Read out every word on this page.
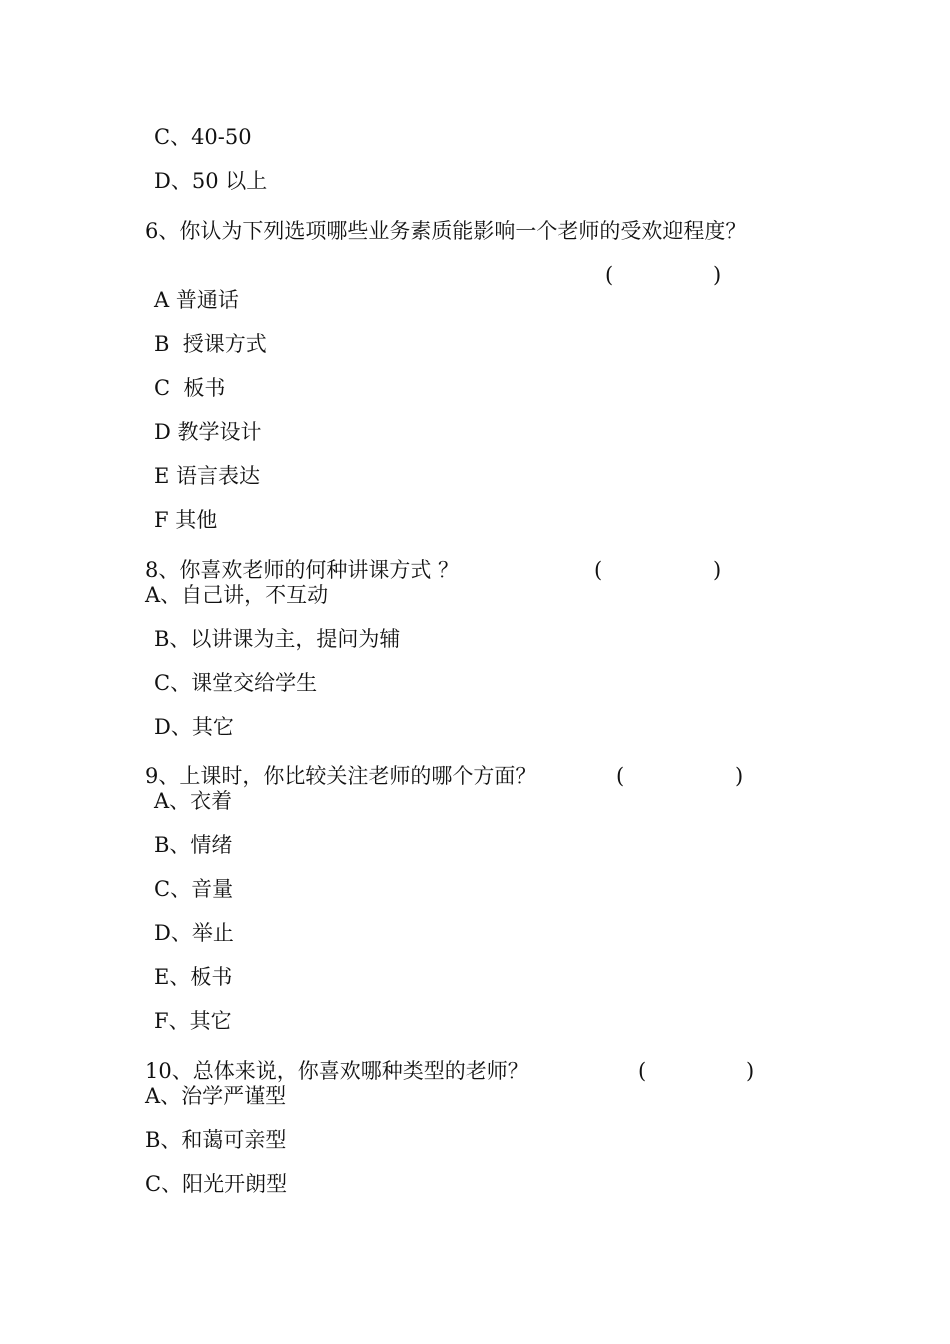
C、40-50
D、50 以上
6、你认为下列选项哪些业务素质能影响一个老师的受欢迎程度？
(	)
A 普通话
B  授课方式
C  板书
D 教学设计
E 语言表达
F 其他
8、你喜欢老师的何种讲课方式 ？	(	)
A、自己讲，不互动
B、以讲课为主，提问为辅
C、课堂交给学生
D、其它
9、上课时，你比较关注老师的哪个方面？	(	)
A、衣着
B、情绪
C、音量
D、举止
E、板书
F、其它
10、总体来说，你喜欢哪种类型的老师？	(	)
A、治学严谨型
B、和蔼可亲型
C、阳光开朗型
